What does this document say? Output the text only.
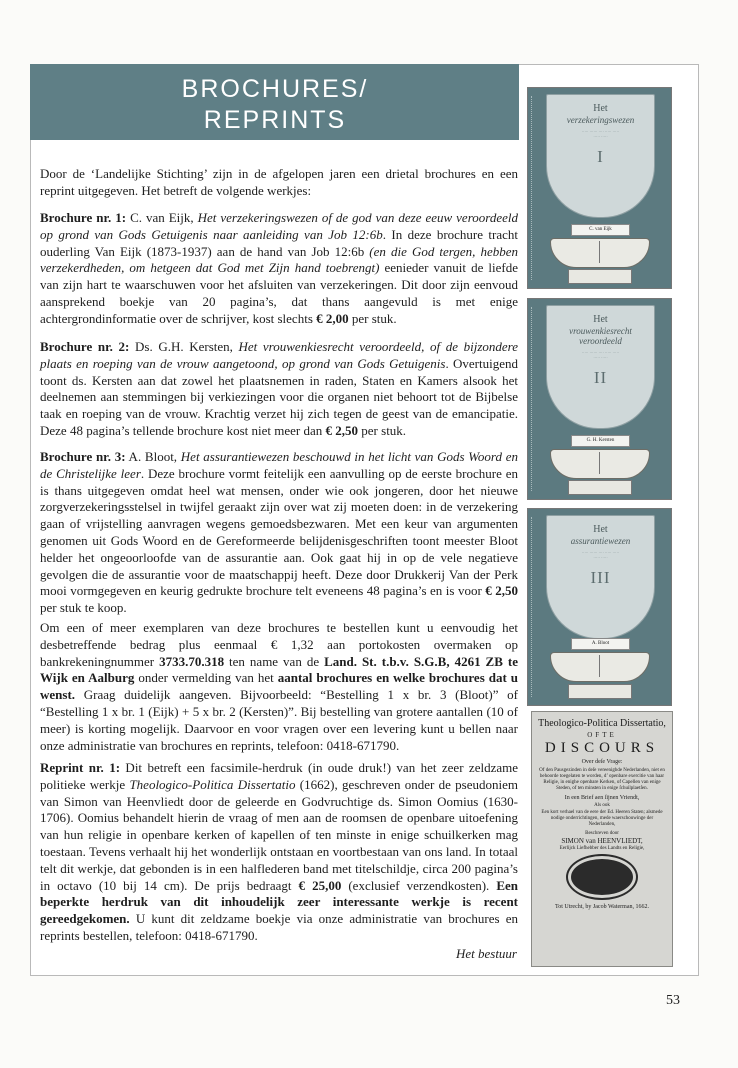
BROCHURES/
REPRINTS

Door de ‘Landelijke Stichting’ zijn in de afgelopen jaren een drietal brochures en een reprint uitgegeven. Het betreft de volgende werkjes:

Brochure nr. 1: C. van Eijk, Het verzekeringswezen of de god van deze eeuw veroordeeld op grond van Gods Getuigenis naar aanleiding van Job 12:6b. In deze brochure tracht ouderling Van Eijk (1873-1937) aan de hand van Job 12:6b (en die God tergen, hebben verzekerdheden, om hetgeen dat God met Zijn hand toebrengt) eenieder vanuit de liefde van zijn hart te waarschuwen voor het afsluiten van verzekeringen. Dit door zijn eenvoud aansprekend boekje van 20 pagina’s, dat thans aangevuld is met enige achtergrondinformatie over de schrijver, kost slechts € 2,00 per stuk.

Brochure nr. 2: Ds. G.H. Kersten, Het vrouwenkiesrecht veroordeeld, of de bijzondere plaats en roeping van de vrouw aangetoond, op grond van Gods Getuigenis. Overtuigend toont ds. Kersten aan dat zowel het plaatsnemen in raden, Staten en Kamers alsook het deelnemen aan stemmingen bij verkiezingen voor die organen niet behoort tot de Bijbelse taak en roeping van de vrouw. Krachtig verzet hij zich tegen de geest van de emancipatie. Deze 48 pagina’s tellende brochure kost niet meer dan € 2,50 per stuk.

Brochure nr. 3: A. Bloot, Het assurantiewezen beschouwd in het licht van Gods Woord en de Christelijke leer. Deze brochure vormt feitelijk een aanvulling op de eerste brochure en is thans uitgegeven omdat heel wat mensen, onder wie ook jongeren, door het nieuwe zorgverzekeringsstelsel in twijfel geraakt zijn over wat zij moeten doen: in de verzekering gaan of vrijstelling aanvragen wegens gemoedsbezwaren. Met een keur van argumenten genomen uit Gods Woord en de Gereformeerde belijdenisgeschriften toont meester Bloot helder het ongeoorloofde van de assurantie aan. Ook gaat hij in op de vele negatieve gevolgen die de assurantie voor de maatschappij heeft. Deze door Drukkerij Van der Perk mooi vormgegeven en keurig gedrukte brochure telt eveneens 48 pagina’s en is voor € 2,50 per stuk te koop.

Om een of meer exemplaren van deze brochures te bestellen kunt u eenvoudig het desbetreffende bedrag plus eenmaal € 1,32 aan portokosten overmaken op bankrekeningnummer 3733.70.318 ten name van de Land. St. t.b.v. S.G.B, 4261 ZB te Wijk en Aalburg onder vermelding van het aantal brochures en welke brochures dat u wenst. Graag duidelijk aangeven. Bijvoorbeeld: “Bestelling 1 x br. 3 (Bloot)” of “Bestelling 1 x br. 1 (Eijk) + 5 x br. 2 (Kersten)”. Bij bestelling van grotere aantallen (10 of meer) is korting mogelijk. Daarvoor en voor vragen over een levering kunt u bellen naar onze administratie van brochures en reprints, telefoon: 0418-671790.

Reprint nr. 1: Dit betreft een facsimile-herdruk (in oude druk!) van het zeer zeldzame politieke werkje Theologico-Politica Dissertatio (1662), geschreven onder de pseudoniem van Simon van Heenvliedt door de geleerde en Godvruchtige ds. Simon Oomius (1630-1706). Oomius behandelt hierin de vraag of men aan de roomsen de openbare uitoefening van hun religie in openbare kerken of kapellen of ten minste in enige schuilkerken mag toestaan. Tevens verhaalt hij het wonderlijk ontstaan en voortbestaan van ons land. In totaal telt dit werkje, dat gebonden is in een halflederen band met titelschildje, circa 200 pagina’s in octavo (10 bij 14 cm). De prijs bedraagt € 25,00 (exclusief verzendkosten). Een beperkte herdruk van dit inhoudelijk zeer interessante werkje is recent gereedgekomen. U kunt dit zeldzame boekje via onze administratie van brochures en reprints bestellen, telefoon: 0418-671790.

Het bestuur
53
Het
verzekeringswezen
····· ······ ···· ····· ·····
····· ·····
I
C. van Eijk
Het
vrouwenkiesrecht veroordeeld
····· ······ ···· ····· ·····
····· ·····
II
G. H. Kersten
Het
assurantiewezen
····· ······ ···· ····· ·····
····· ·····
III
A. Bloot
Theologico-Politica Dissertatio,
OFTE
DISCOURS
Over deſe Vrage:
Of den Pausgezinden in deſe vereenighde Nederlanden, niet en behoorde toegelaten te worden, d’ openbare exercitie van haar Religie, in enighe openbare Kerken, of Capellen van enige Steden, of ten minsten in enige ſchuilplaetſen.
In een Brief aen ſijnen Vriendt,
Als ook
Een kort verhael van de eere der Ed. Heeren Staten; alsmede nodige onderrichtingen, mede waerschouwinge der Nederlanden,
Beschreven door
SIMON van HEENVLIEDT,
Eerlijck Liefhebber des Landts en Religie,
Tot Utrecht, by Jacob Waterman, 1662.
